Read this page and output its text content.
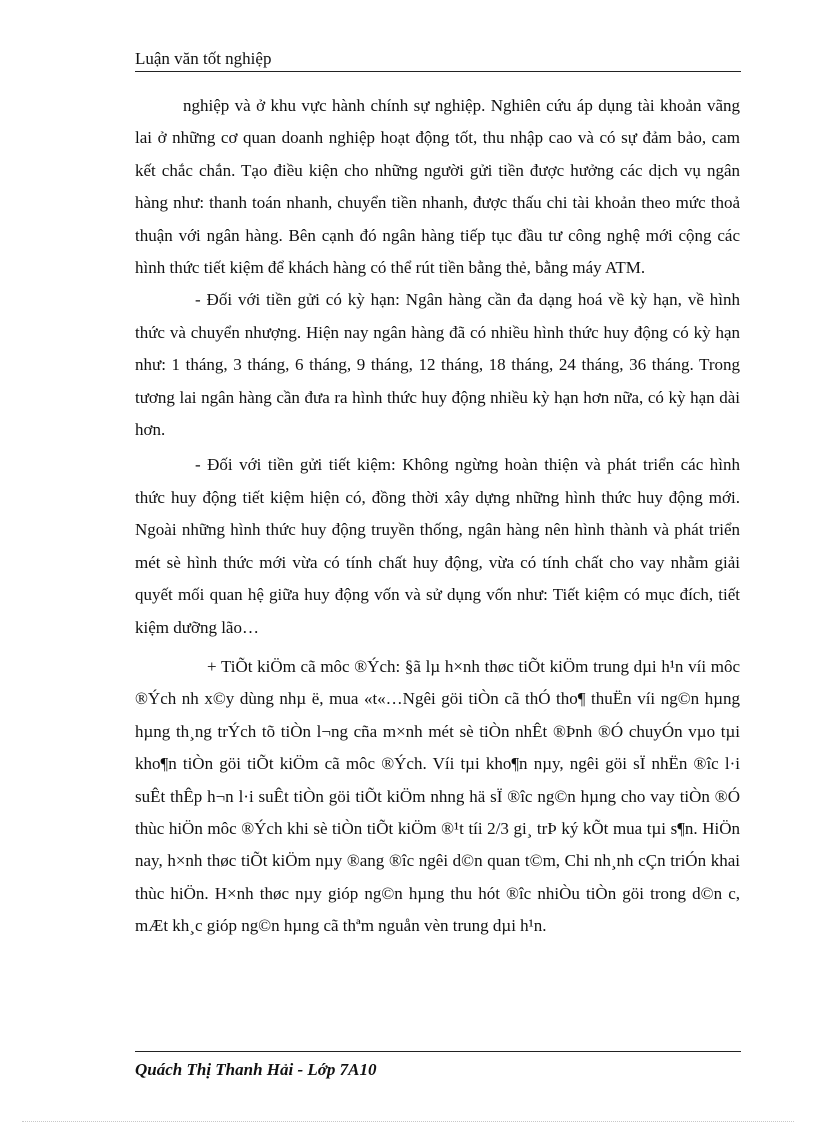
Luận văn tốt nghiệp

nghiệp và ở khu vực hành chính sự nghiệp. Nghiên cứu áp dụng tài khoản vãng lai ở những cơ quan doanh nghiệp hoạt động tốt, thu nhập cao và có sự đảm bảo, cam kết chắc chắn. Tạo điều kiện cho những người gửi tiền được hưởng các dịch vụ ngân hàng như: thanh toán nhanh, chuyển tiền nhanh, được thấu chi tài khoản theo mức thoả thuận với ngân hàng. Bên cạnh đó ngân hàng tiếp tục đầu tư công nghệ mới cộng các hình thức tiết kiệm để khách hàng có thể rút tiền bằng thẻ, bằng máy ATM.

- Đối với tiền gửi có kỳ hạn: Ngân hàng cần đa dạng hoá về kỳ hạn, về hình thức và chuyển nhượng. Hiện nay ngân hàng đã có nhiều hình thức huy động có kỳ hạn như: 1 tháng, 3 tháng, 6 tháng, 9 tháng, 12 tháng, 18 tháng, 24 tháng, 36 tháng. Trong tương lai ngân hàng cần đưa ra hình thức huy động nhiều kỳ hạn hơn nữa, có kỳ hạn dài hơn.

- Đối với tiền gửi tiết kiệm: Không ngừng hoàn thiện và phát triển các hình thức huy động tiết kiệm hiện có, đồng thời xây dựng những hình thức huy động mới. Ngoài những hình thức huy động truyền thống, ngân hàng nên hình thành và phát triển mét sè hình thức mới vừa có tính chất huy động, vừa có tính chất cho vay nhằm giải quyết mối quan hệ giữa huy động vốn và sử dụng vốn như: Tiết kiệm có mục đích, tiết kiệm dưỡng lão…

+ TiÕt kiÖm cã môc ®Ých: §ã lµ h×nh thøc tiÕt kiÖm trung dµi h¹n víi môc ®Ých nh x©y dùng nhµ ë, mua «t«…Ngêi göi tiÒn cã thÓ tho¶ thuËn víi ng©n hµng hµng th¸ng trÝch tõ tiÒn l¬ng cña m×nh mét sè tiÒn nhÊt ®Þnh ®Ó chuyÓn vµo tµi kho¶n tiÒn göi tiÕt kiÖm cã môc ®Ých. Víi tµi kho¶n nµy, ngêi göi sÏ nhËn ®îc l·i suÊt thÊp h¬n l·i suÊt tiÒn göi tiÕt kiÖm nhng hä sÏ ®îc ng©n hµng cho vay tiÒn ®Ó thùc hiÖn môc ®Ých khi sè tiÒn tiÕt kiÖm ®¹t tíi 2/3 gi¸ trÞ ký kÕt mua tµi s¶n. HiÖn nay, h×nh thøc tiÕt kiÖm nµy ®ang ®îc ngêi d©n quan t©m, Chi nh¸nh cÇn triÓn khai thùc hiÖn. H×nh thøc nµy gióp ng©n hµng thu hót ®îc nhiÒu tiÒn göi trong d©n c, mÆt kh¸c gióp ng©n hµng cã thªm nguån vèn trung dµi h¹n.

Quách Thị Thanh Hải - Lớp 7A10
